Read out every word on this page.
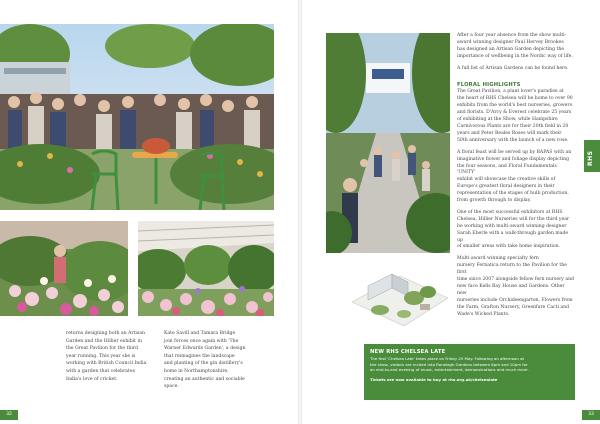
returns designing both an Artisan
Garden and the Hillier exhibit in
the Great Pavilion for the third
year running. This year she is
working with British Council India
with a garden that celebrates
India's love of cricket.

Kate Savill and Tamara Bridge
join forces once again with 'The
Warner Edwards Garden', a design
that reimagines the landscape
and planting of the gin distillery's
home in Northamptonshire,
creating an authentic and sociable
space.

32

After a four year absence from the show multi-
award winning designer Paul Hervey Brookes
has designed an Artisan Garden depicting the
importance of wellbeing in the Nordic way of life.

A full list of Artisan Gardens can be found here.

FLORAL HIGHLIGHTS

The Great Pavilion, a plant lover's paradise at
the heart of RHS Chelsea will be home to over 90
exhibits from the world's best nurseries, growers
and florists. D'Arcy & Everest celebrate 25 years
of exhibiting at the Show, while Hampshire
Carnivorous Plants are for their 20th field in 20
years and Peter Beales Roses will mark their
50th anniversary with the launch of a new rose.

A floral feast will be served up by BAPAS with an
imaginative flower and foliage display depicting
the four seasons, and Floral Fundamentals 'UNITY'
exhibit will showcase the creative skills of
Europe's greatest floral designers in their
representation of the stages of bulb production,
from growth through to display.

One of the most successful exhibitors at RHS
Chelsea, Hillier Nurseries will for the third year
be working with multi-award winning designer
Sarah Eberle with a walk-through garden made up
of smaller areas with take home inspiration.

Multi-award winning specialty fern
nursery Fernatica return to the Pavilion for the first
time since 2007 alongside fellow fern nursery and
new face Kells Bay House and Gardens. Other new
nurseries include Orchideengarten, Flowers from
the Farm, Grafton Nursery, Greenfare Cacti and
Wade's Wicked Plants.

RHS
NEW RHS CHELSEA LATE

The first 'Chelsea Late' takes place on Friday 25 May. Following an afternoon at
the show, visitors are invited into Ranelagh Gardens between 6pm and 10pm for
an end-to-end evening of music, entertainment, demonstrations and much more.

Tickets are now available to buy at rhs.org.uk/chelsealate

33
